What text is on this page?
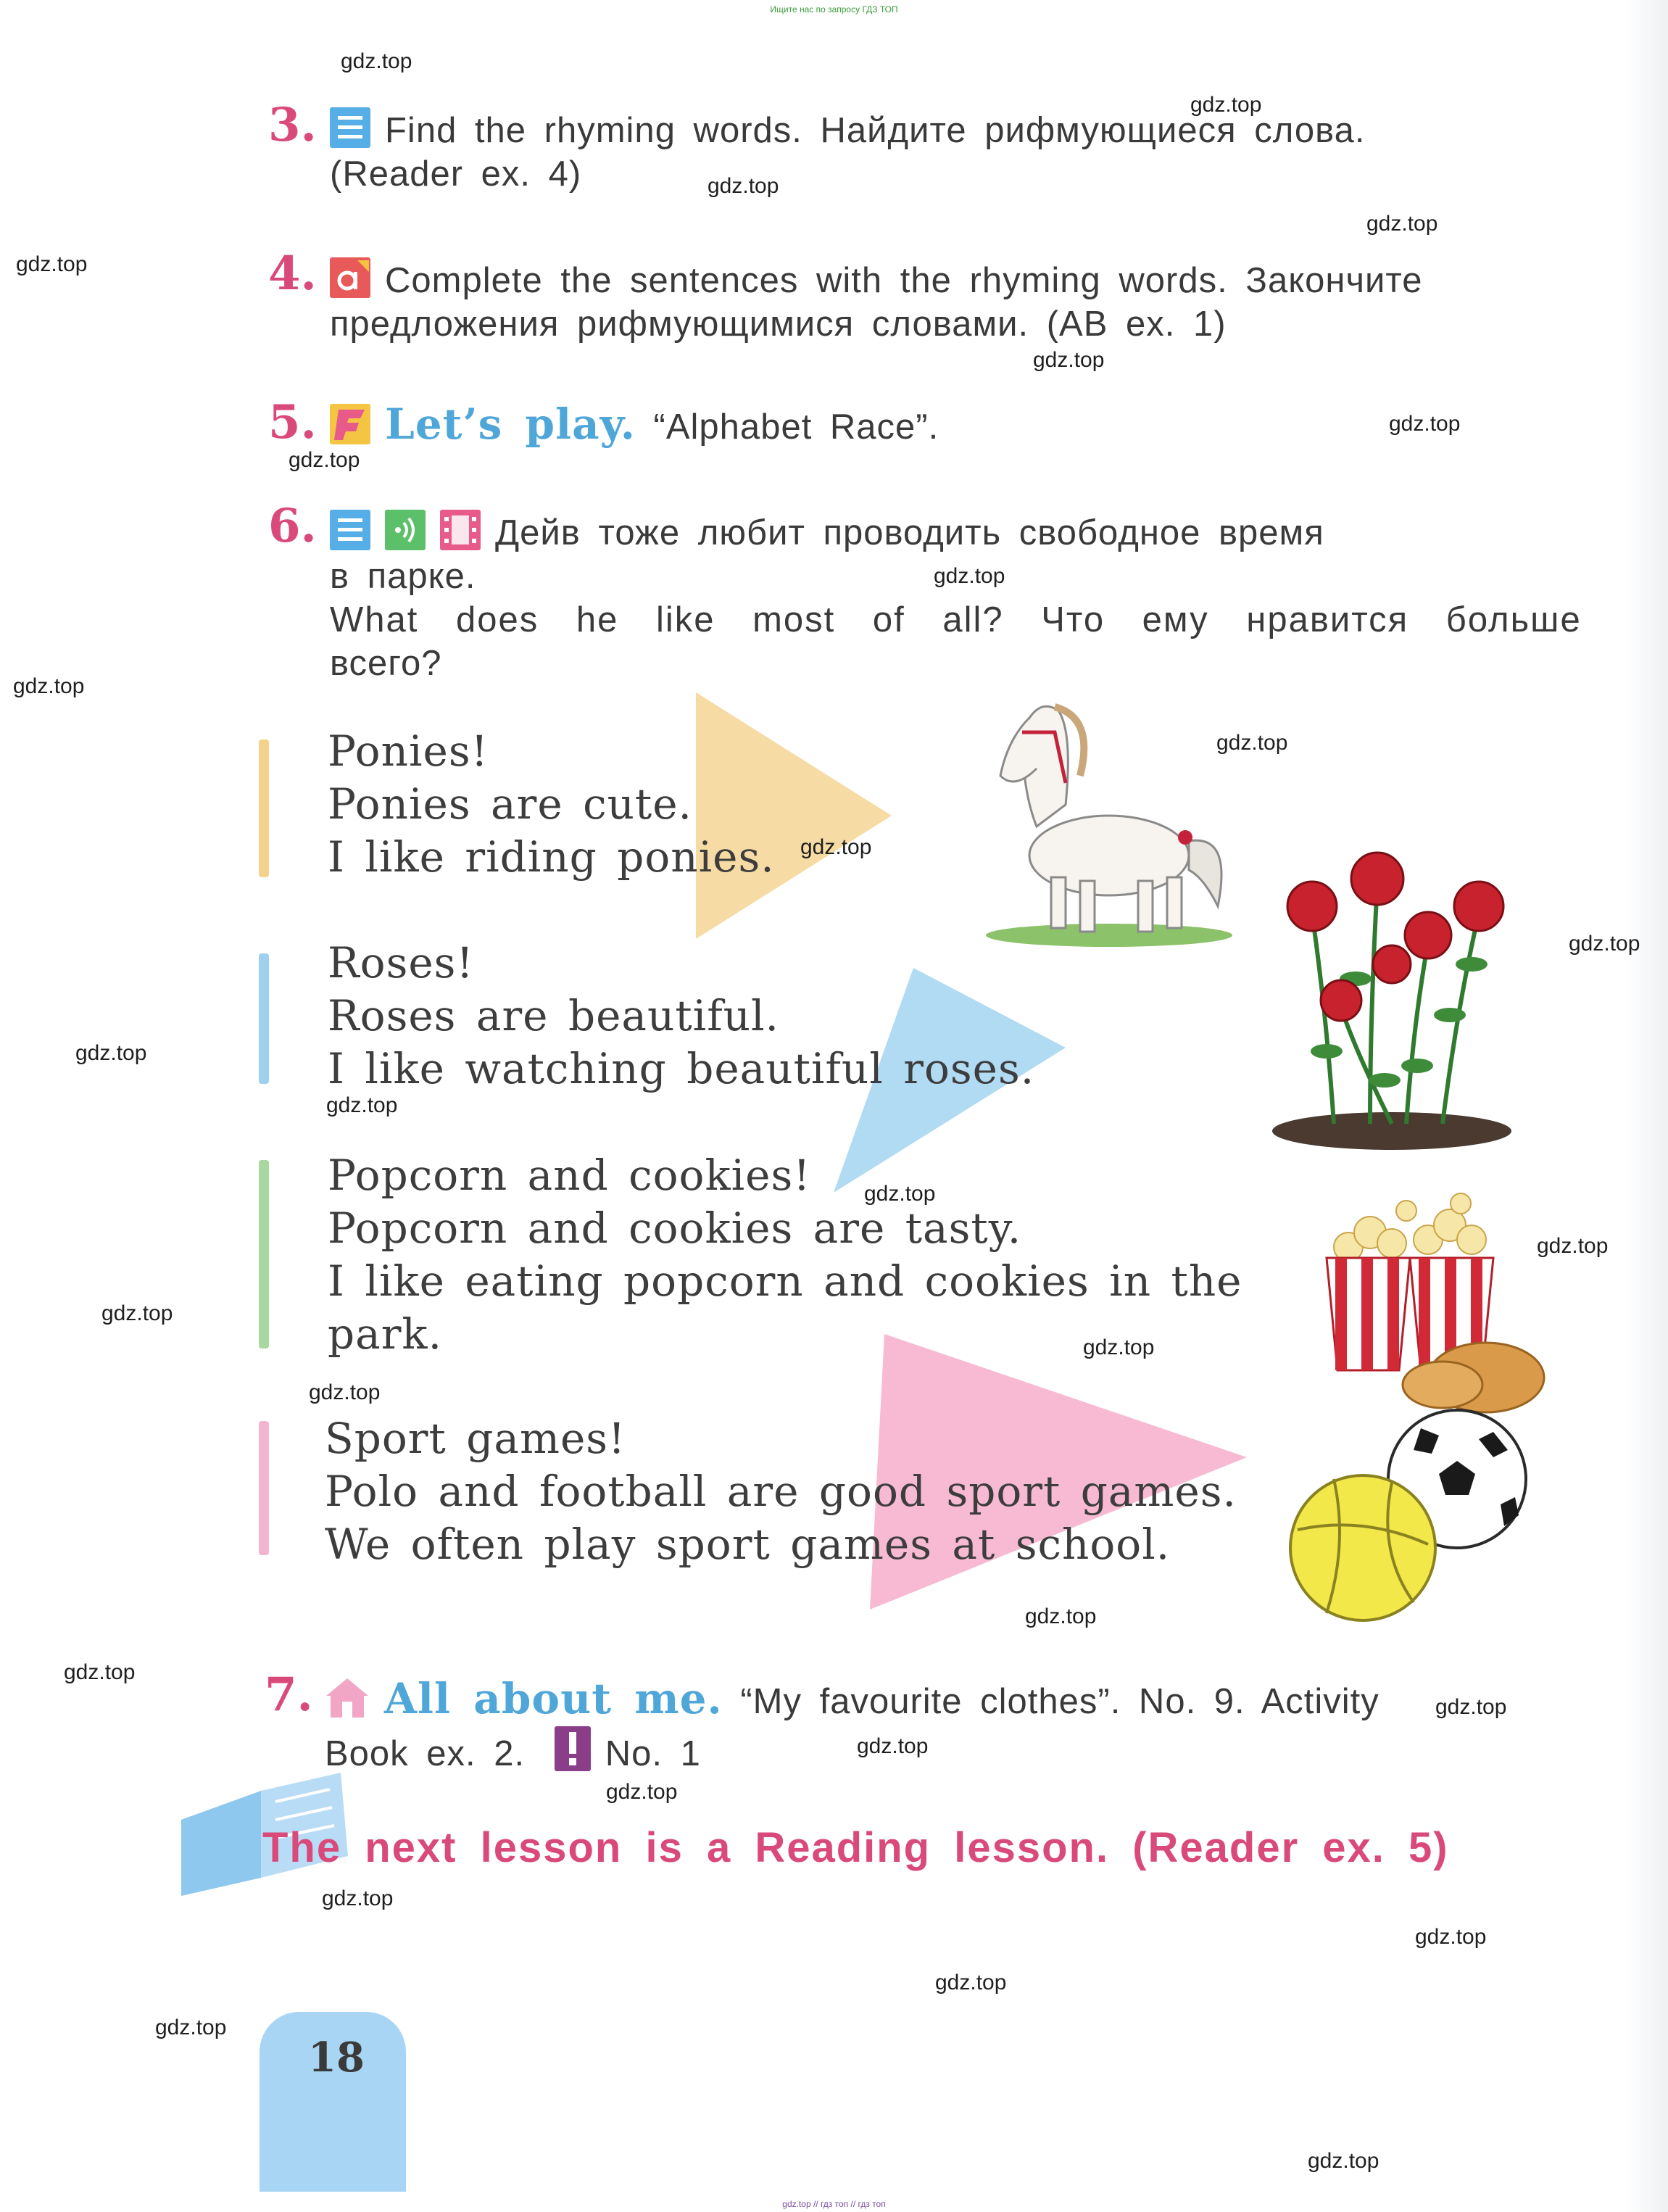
Ищите нас по запросу ГДЗ ТОП
3.	Find the rhyming words. Найдите рифмующиеся слова.
(Reader ex. 4)
4.	Complete the sentences with the rhyming words. Закончите
предложения рифмующимися словами. (AB ex. 1)
5.	Let’s play. “Alphabet Race”.
6.	Дейв тоже любит проводить свободное время
в парке.
What does he like most of all? Что ему нравится больше
всего?
Ponies!
Ponies are cute.
I like riding ponies.
Roses!
Roses are beautiful.
I like watching beautiful roses.
Popcorn and cookies!
Popcorn and cookies are tasty.
I like eating popcorn and cookies in the
park.
Sport games!
Polo and football are good sport games.
We often play sport games at school.
7.	All about me. “My favourite clothes”. No. 9. Activity
Book ex. 2. No. 1
The next lesson is a Reading lesson. (Reader ex. 5)
18
gdz.top
gdz.top
gdz.top
gdz.top
gdz.top
gdz.top
gdz.top
gdz.top
gdz.top
gdz.top
gdz.top
gdz.top
gdz.top
gdz.top
gdz.top
gdz.top
gdz.top
gdz.top
gdz.top
gdz.top
gdz.top
gdz.top
gdz.top
gdz.top
gdz.top
gdz.top
gdz.top
gdz.top
gdz.top
gdz.top
gdz.top // гдз топ // гдз топ
